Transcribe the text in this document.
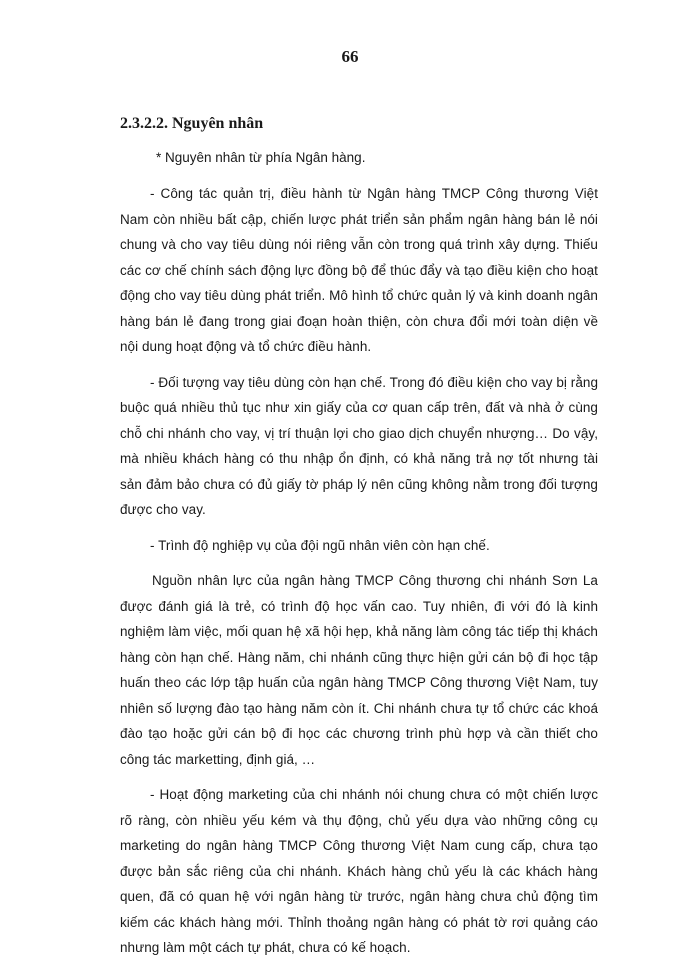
66
2.3.2.2. Nguyên nhân
* Nguyên nhân từ phía Ngân hàng.

- Công tác quản trị, điều hành từ Ngân hàng TMCP Công thương Việt Nam còn nhiều bất cập, chiến lược phát triển sản phẩm ngân hàng bán lẻ nói chung và cho vay tiêu dùng nói riêng vẫn còn trong quá trình xây dựng. Thiếu các cơ chế chính sách động lực đồng bộ để thúc đẩy và tạo điều kiện cho hoạt động cho vay tiêu dùng phát triển. Mô hình tổ chức quản lý và kinh doanh ngân hàng bán lẻ đang trong giai đoạn hoàn thiện, còn chưa đổi mới toàn diện về nội dung hoạt động và tổ chức điều hành.

- Đối tượng vay tiêu dùng còn hạn chế. Trong đó điều kiện cho vay bị rằng buộc quá nhiều thủ tục như xin giấy của cơ quan cấp trên, đất và nhà ở cùng chỗ chi nhánh cho vay, vị trí thuận lợi cho giao dịch chuyển nhượng… Do vậy, mà nhiều khách hàng có thu nhập ổn định, có khả năng trả nợ tốt nhưng tài sản đảm bảo chưa có đủ giấy tờ pháp lý nên cũng không nằm trong đối tượng được cho vay.

- Trình độ nghiệp vụ của đội ngũ nhân viên còn hạn chế.

Nguồn nhân lực của ngân hàng TMCP Công thương chi nhánh Sơn La được đánh giá là trẻ, có trình độ học vấn cao. Tuy nhiên, đi với đó là kinh nghiệm làm việc, mối quan hệ xã hội hẹp, khả năng làm công tác tiếp thị khách hàng còn hạn chế. Hàng năm, chi nhánh cũng thực hiện gửi cán bộ đi học tập huấn theo các lớp tập huấn của ngân hàng TMCP Công thương Việt Nam, tuy nhiên số lượng đào tạo hàng năm còn ít. Chi nhánh chưa tự tổ chức các khoá đào tạo hoặc gửi cán bộ đi học các chương trình phù hợp và cần thiết cho công tác marketting, định giá, …

- Hoạt động marketing của chi nhánh nói chung chưa có một chiến lược rõ ràng, còn nhiều yếu kém và thụ động, chủ yếu dựa vào những công cụ marketing do ngân hàng TMCP Công thương Việt Nam cung cấp, chưa tạo được bản sắc riêng của chi nhánh. Khách hàng chủ yếu là các khách hàng quen, đã có quan hệ với ngân hàng từ trước, ngân hàng chưa chủ động tìm kiếm các khách hàng mới. Thỉnh thoảng ngân hàng có phát tờ rơi quảng cáo nhưng làm một cách tự phát, chưa có kế hoạch.
